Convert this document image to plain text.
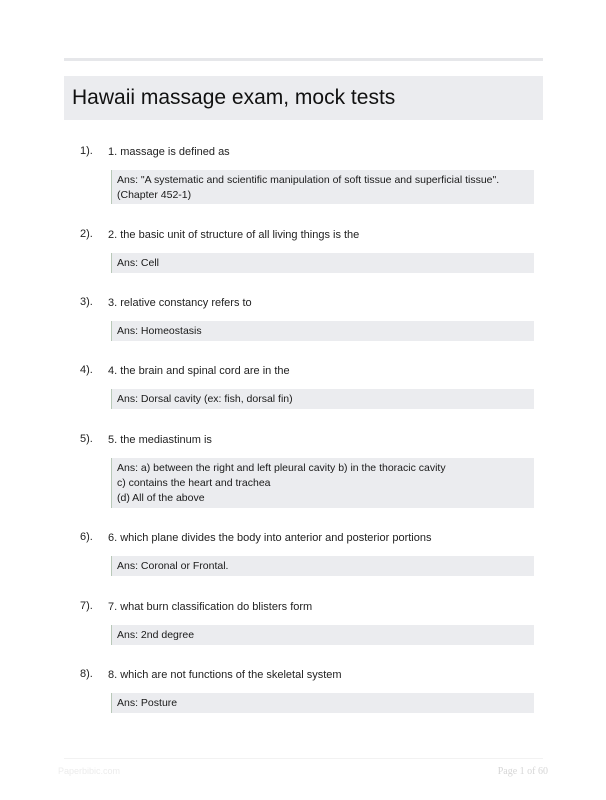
Hawaii massage exam, mock tests
1). 1. massage is defined as
Ans: "A systematic and scientific manipulation of soft tissue and superficial tissue".
(Chapter 452-1)
2). 2. the basic unit of structure of all living things is the
Ans: Cell
3). 3. relative constancy refers to
Ans: Homeostasis
4). 4. the brain and spinal cord are in the
Ans: Dorsal cavity (ex: fish, dorsal fin)
5). 5. the mediastinum is
Ans: a) between the right and left pleural cavity b) in the thoracic cavity
c) contains the heart and trachea
(d) All of the above
6). 6. which plane divides the body into anterior and posterior portions
Ans: Coronal or Frontal.
7). 7. what burn classification do blisters form
Ans: 2nd degree
8). 8. which are not functions of the skeletal system
Ans: Posture
Paperbibic.com	Page 1 of 60
